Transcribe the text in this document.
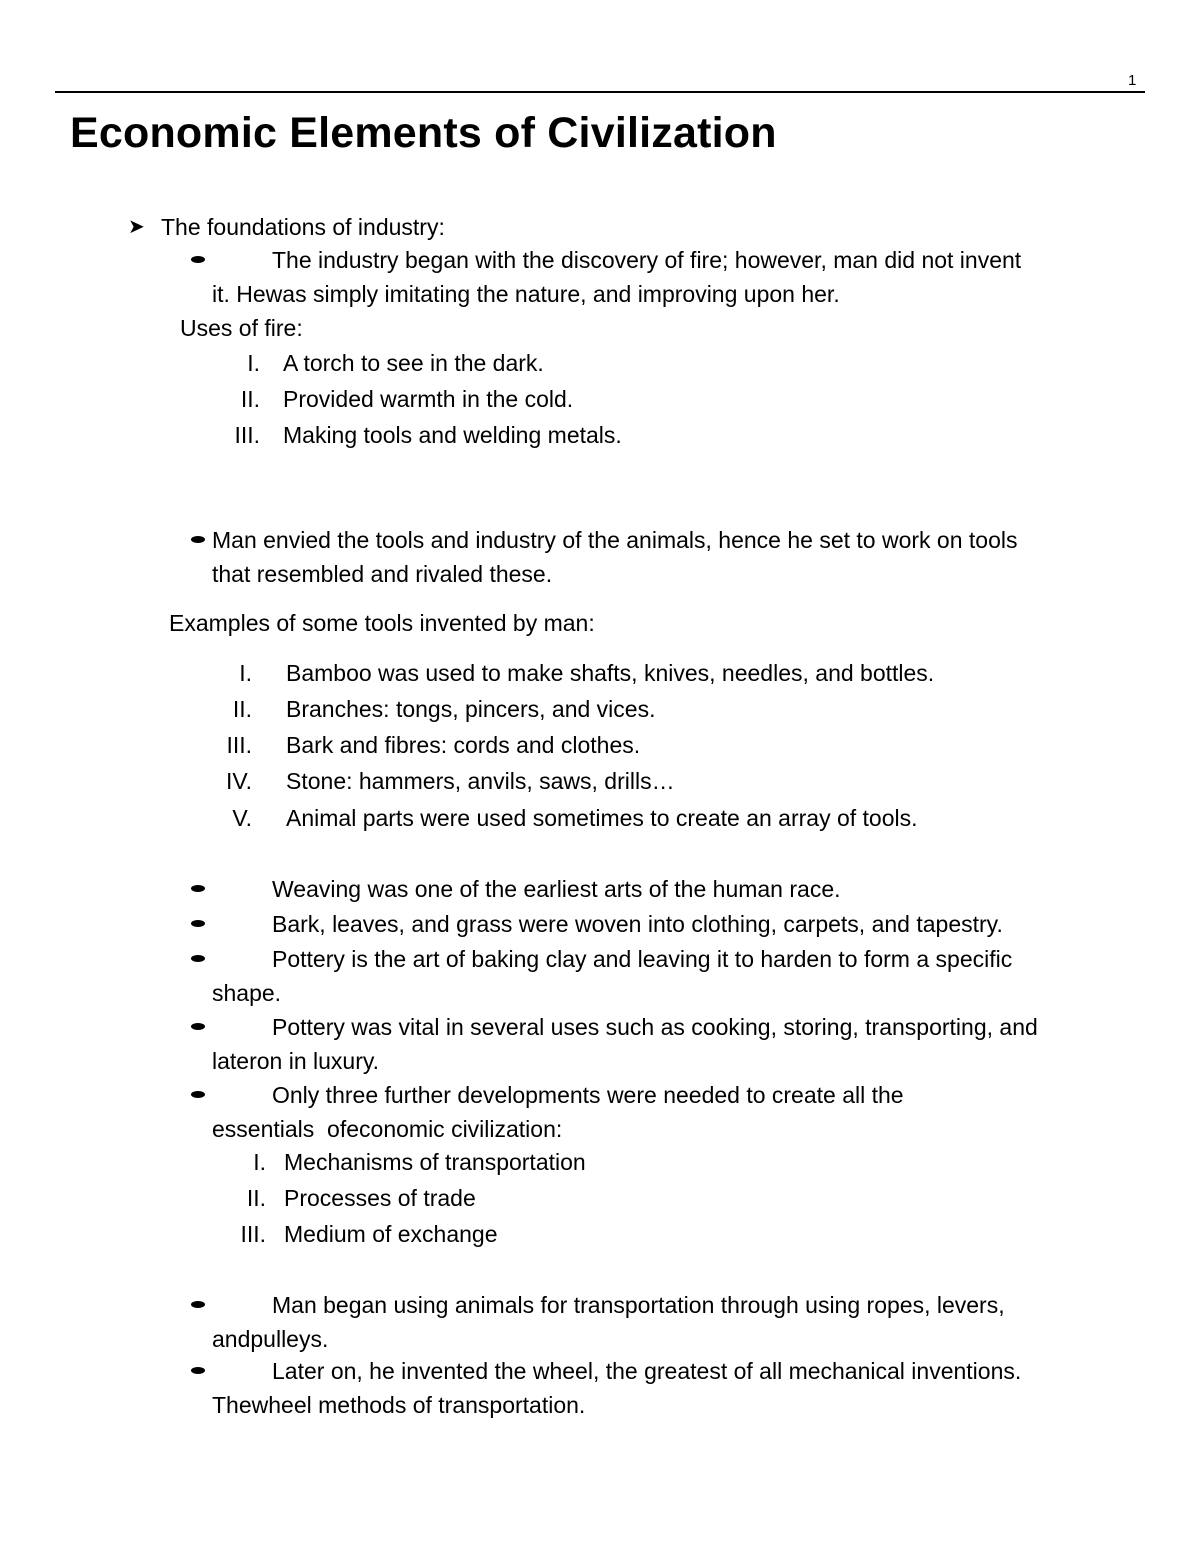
1
Economic Elements of Civilization
➤ The foundations of industry:
The industry began with the discovery of fire; however, man did not invent
it. Hewas simply imitating the nature, and improving upon her.
Uses of fire:
I. A torch to see in the dark.
II. Provided warmth in the cold.
III. Making tools and welding metals.
Man envied the tools and industry of the animals, hence he set to work on tools
that resembled and rivaled these.
Examples of some tools invented by man:
I. Bamboo was used to make shafts, knives, needles, and bottles.
II. Branches: tongs, pincers, and vices.
III. Bark and fibres: cords and clothes.
IV. Stone: hammers, anvils, saws, drills…
V. Animal parts were used sometimes to create an array of tools.
Weaving was one of the earliest arts of the human race.
Bark, leaves, and grass were woven into clothing, carpets, and tapestry.
Pottery is the art of baking clay and leaving it to harden to form a specific
shape.
Pottery was vital in several uses such as cooking, storing, transporting, and
lateron in luxury.
Only three further developments were needed to create all the
essentials  ofeconomic civilization:
I. Mechanisms of transportation
II. Processes of trade
III. Medium of exchange
Man began using animals for transportation through using ropes, levers,
andpulleys.
Later on, he invented the wheel, the greatest of all mechanical inventions.
Thewheel methods of transportation.
